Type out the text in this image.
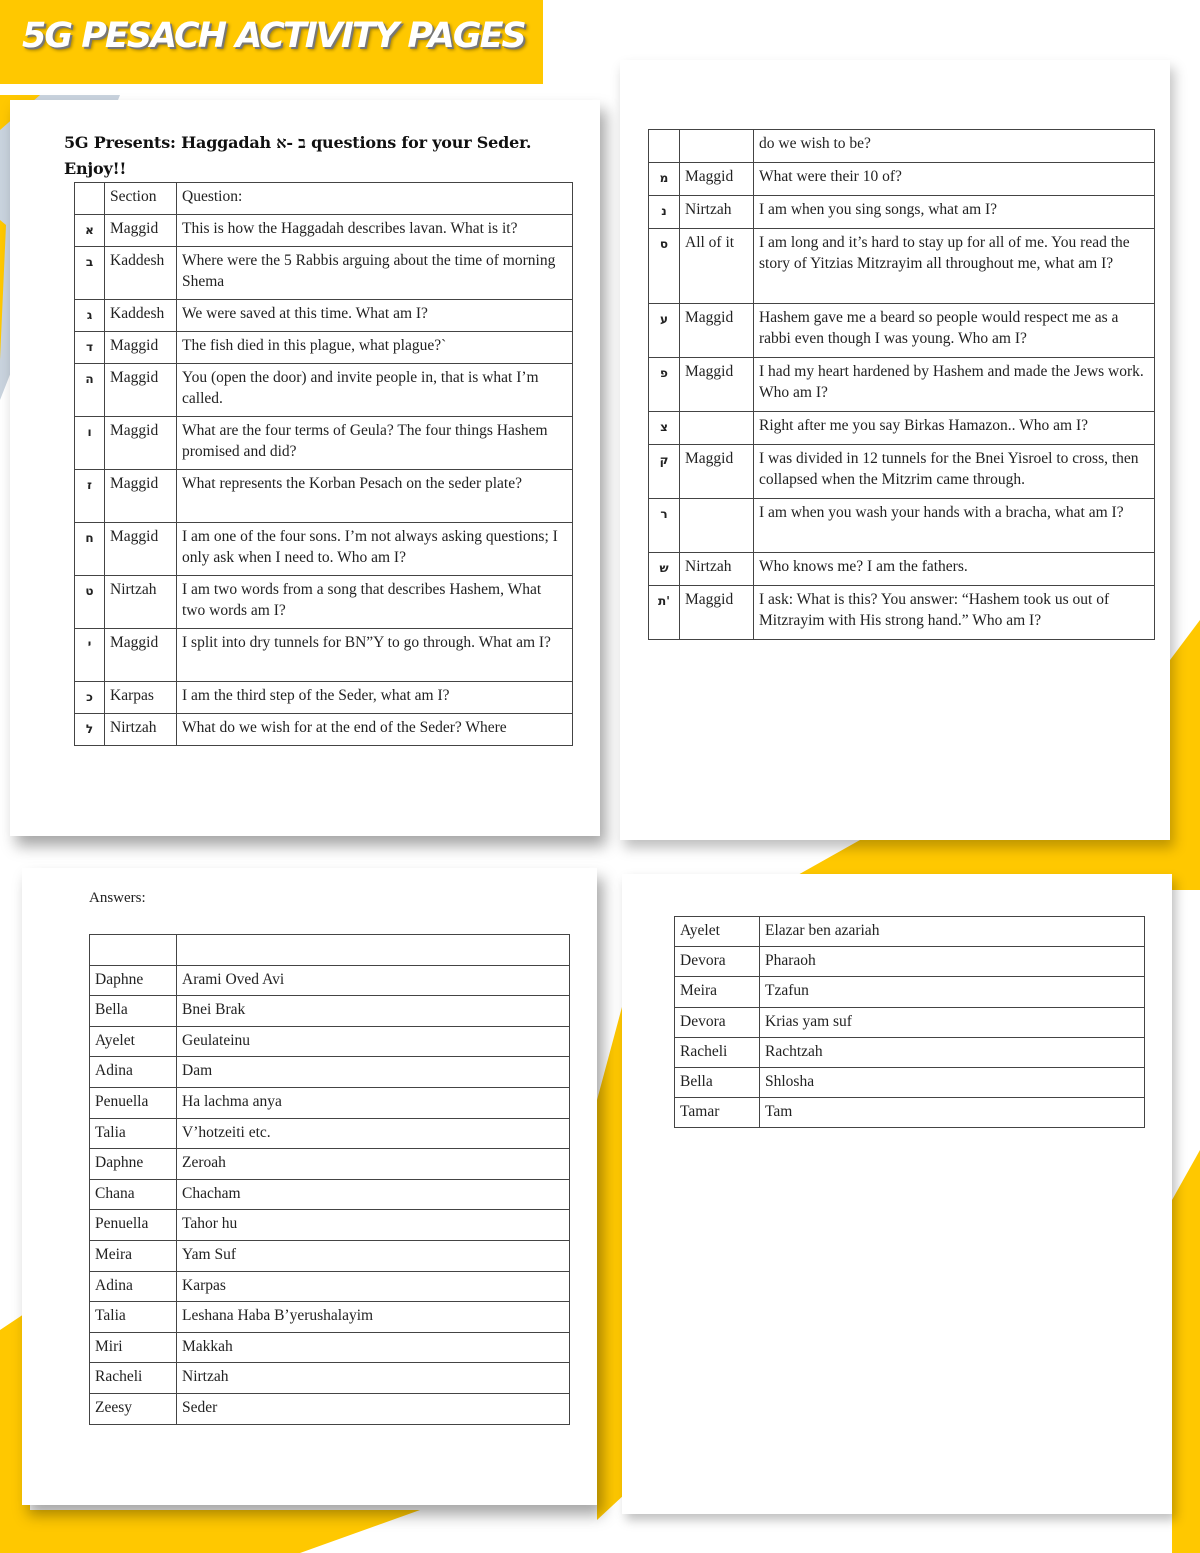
5G PESACH ACTIVITY PAGES
5G Presents: Haggadah ב -א questions for your Seder.
Enjoy!!
	Section	Question:
א	Maggid	This is how the Haggadah describes lavan. What is it?
ב	Kaddesh	Where were the 5 Rabbis arguing about the time of morning Shema
ג	Kaddesh	We were saved at this time. What am I?
ד	Maggid	The fish died in this plague, what plague?`
ה	Maggid	You (open the door) and invite people in, that is what I’m called.
ו	Maggid	What are the four terms of Geula? The four things Hashem promised and did?
ז	Maggid	What represents the Korban Pesach on the seder plate?
ח	Maggid	I am one of the four sons. I’m not always asking questions; I only ask when I need to. Who am I?
ט	Nirtzah	I am two words from a song that describes Hashem, What two words am I?
י	Maggid	I split into dry tunnels for BN”Y to go through. What am I?
כ	Karpas	I am the third step of the Seder, what am I?
ל	Nirtzah	What do we wish for at the end of the Seder? Where
		do we wish to be?
מ	Maggid	What were their 10 of?
נ	Nirtzah	I am when you sing songs, what am I?
ס	All of it	I am long and it’s hard to stay up for all of me. You read the story of Yitzias Mitzrayim all throughout me, what am I?
ע	Maggid	Hashem gave me a beard so people would respect me as a rabbi even though I was young. Who am I?
פ	Maggid	I had my heart hardened by Hashem and made the Jews work. Who am I?
צ		Right after me you say Birkas Hamazon.. Who am I?
ק	Maggid	I was divided in 12 tunnels for the Bnei Yisroel to cross, then collapsed when the Mitzrim came through.
ר		I am when you wash your hands with a bracha, what am I?
ש	Nirtzah	Who knows me? I am the fathers.
ת'	Maggid	I ask: What is this? You answer: “Hashem took us out of Mitzrayim with His strong hand.” Who am I?
Answers:

Daphne	Arami Oved Avi
Bella	Bnei Brak
Ayelet	Geulateinu
Adina	Dam
Penuella	Ha lachma anya
Talia	V’hotzeiti etc.
Daphne	Zeroah
Chana	Chacham
Penuella	Tahor hu
Meira	Yam Suf
Adina	Karpas
Talia	Leshana Haba B’yerushalayim
Miri	Makkah
Racheli	Nirtzah
Zeesy	Seder
Ayelet	Elazar ben azariah
Devora	Pharaoh
Meira	Tzafun
Devora	Krias yam suf
Racheli	Rachtzah
Bella	Shlosha
Tamar	Tam
